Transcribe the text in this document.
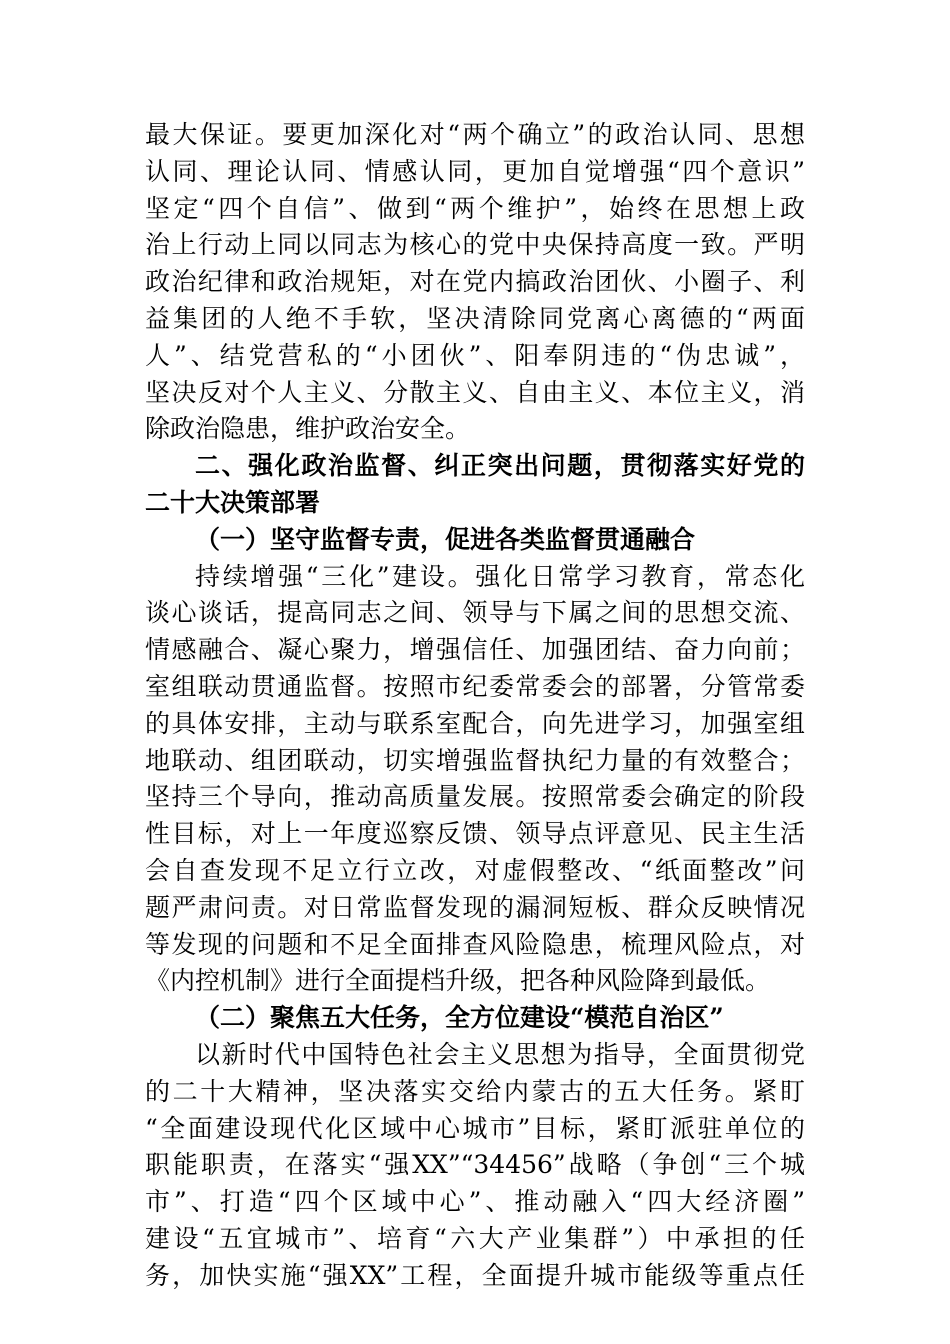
最大保证。要更加深化对“两个确立”的政治认同、思想
认同、理论认同、情感认同，更加自觉增强“四个意识”
坚定“四个自信”、做到“两个维护”，始终在思想上政
治上行动上同以同志为核心的党中央保持高度一致。严明
政治纪律和政治规矩，对在党内搞政治团伙、小圈子、利
益集团的人绝不手软，坚决清除同党离心离德的“两面
人”、结党营私的“小团伙”、阳奉阴违的“伪忠诚”，
坚决反对个人主义、分散主义、自由主义、本位主义，消
除政治隐患，维护政治安全。
二、强化政治监督、纠正突出问题，贯彻落实好党的
二十大决策部署
（一）坚守监督专责，促进各类监督贯通融合
持续增强“三化”建设。强化日常学习教育，常态化
谈心谈话，提高同志之间、领导与下属之间的思想交流、
情感融合、凝心聚力，增强信任、加强团结、奋力向前；
室组联动贯通监督。按照市纪委常委会的部署，分管常委
的具体安排，主动与联系室配合，向先进学习，加强室组
地联动、组团联动，切实增强监督执纪力量的有效整合；
坚持三个导向，推动高质量发展。按照常委会确定的阶段
性目标，对上一年度巡察反馈、领导点评意见、民主生活
会自查发现不足立行立改，对虚假整改、“纸面整改”问
题严肃问责。对日常监督发现的漏洞短板、群众反映情况
等发现的问题和不足全面排查风险隐患，梳理风险点，对
《内控机制》进行全面提档升级，把各种风险降到最低。
（二）聚焦五大任务，全方位建设“模范自治区”
以新时代中国特色社会主义思想为指导，全面贯彻党
的二十大精神，坚决落实交给内蒙古的五大任务。紧盯
“全面建设现代化区域中心城市”目标，紧盯派驻单位的
职能职责，在落实“强XX”“34456”战略（争创“三个城
市”、打造“四个区域中心”、推动融入“四大经济圈”
建设“五宜城市”、培育“六大产业集群”）中承担的任
务，加快实施“强XX”工程，全面提升城市能级等重点任
